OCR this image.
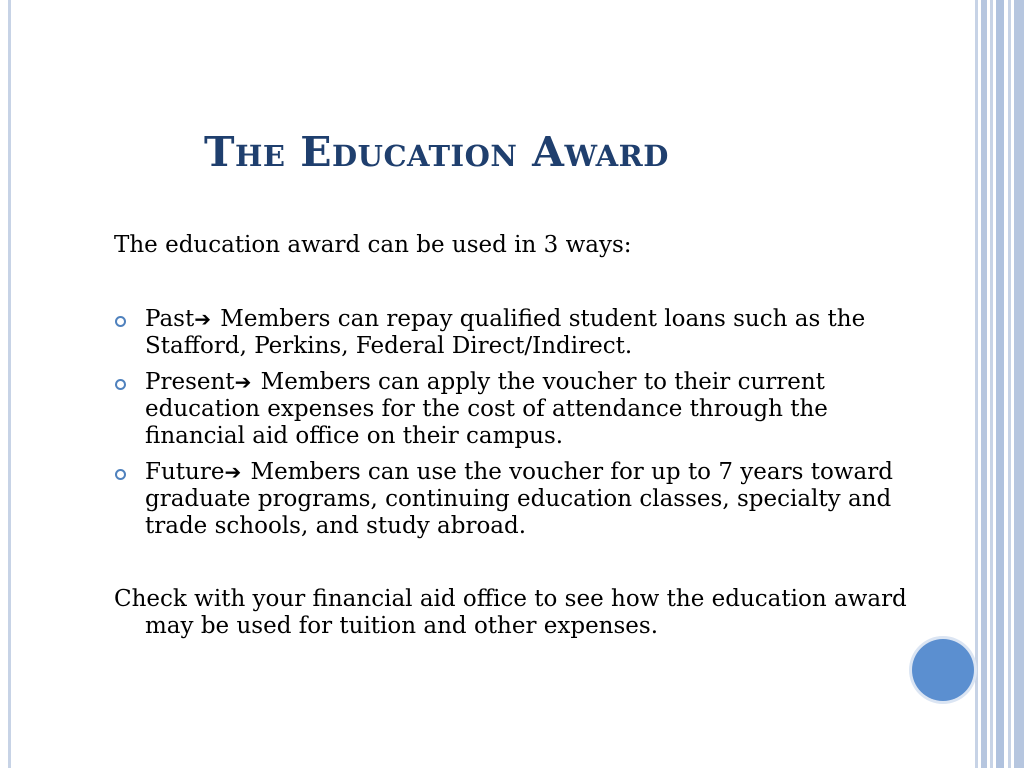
The Education Award
The education award can be used in 3 ways:
Past➔ Members can repay qualified student loans such as the Stafford, Perkins, Federal Direct/Indirect.
Present➔ Members can apply the voucher to their current education expenses for the cost of attendance through the financial aid office on their campus.
Future➔ Members can use the voucher for up to 7 years toward graduate programs, continuing education classes, specialty and trade schools, and study abroad.
Check with your financial aid office to see how the education award may be used for tuition and other expenses.
